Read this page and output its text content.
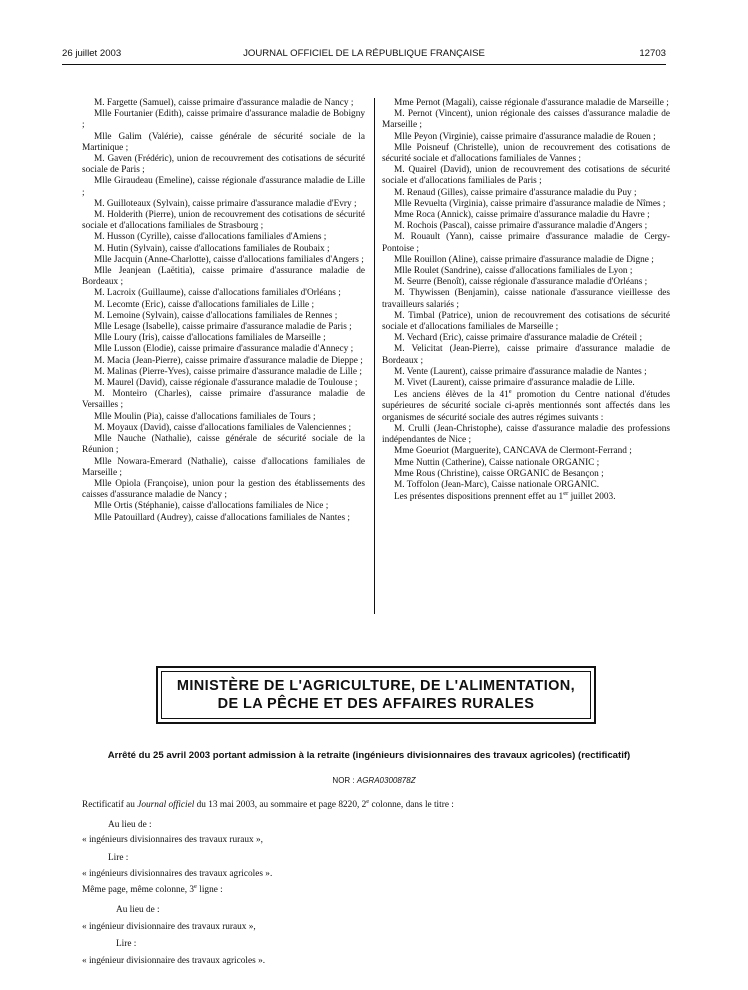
26 juillet 2003	JOURNAL OFFICIEL DE LA RÉPUBLIQUE FRANÇAISE	12703

M. Fargette (Samuel), caisse primaire d'assurance maladie de Nancy ;

Mlle Fourtanier (Edith), caisse primaire d'assurance maladie de Bobigny ;

Mlle Galim (Valérie), caisse générale de sécurité sociale de la Martinique ;

M. Gaven (Frédéric), union de recouvrement des cotisations de sécurité sociale de Paris ;

Mlle Giraudeau (Emeline), caisse régionale d'assurance maladie de Lille ;

M. Guilloteaux (Sylvain), caisse primaire d'assurance maladie d'Evry ;

M. Holderith (Pierre), union de recouvrement des cotisations de sécurité sociale et d'allocations familiales de Strasbourg ;

M. Husson (Cyrille), caisse d'allocations familiales d'Amiens ;

M. Hutin (Sylvain), caisse d'allocations familiales de Roubaix ;

Mlle Jacquin (Anne-Charlotte), caisse d'allocations familiales d'Angers ;

Mlle Jeanjean (Laëtitia), caisse primaire d'assurance maladie de Bordeaux ;

M. Lacroix (Guillaume), caisse d'allocations familiales d'Orléans ;

M. Lecomte (Eric), caisse d'allocations familiales de Lille ;

M. Lemoine (Sylvain), caisse d'allocations familiales de Rennes ;

Mlle Lesage (Isabelle), caisse primaire d'assurance maladie de Paris ;

Mlle Loury (Iris), caisse d'allocations familiales de Marseille ;

Mlle Lusson (Elodie), caisse primaire d'assurance maladie d'Annecy ;

M. Macia (Jean-Pierre), caisse primaire d'assurance maladie de Dieppe ;

M. Malinas (Pierre-Yves), caisse primaire d'assurance maladie de Lille ;

M. Maurel (David), caisse régionale d'assurance maladie de Toulouse ;

M. Monteiro (Charles), caisse primaire d'assurance maladie de Versailles ;

Mlle Moulin (Pia), caisse d'allocations familiales de Tours ;

M. Moyaux (David), caisse d'allocations familiales de Valenciennes ;

Mlle Nauche (Nathalie), caisse générale de sécurité sociale de la Réunion ;

Mlle Nowara-Emerard (Nathalie), caisse d'allocations familiales de Marseille ;

Mlle Opiola (Françoise), union pour la gestion des établissements des caisses d'assurance maladie de Nancy ;

Mlle Ortis (Stéphanie), caisse d'allocations familiales de Nice ;

Mlle Patouillard (Audrey), caisse d'allocations familiales de Nantes ;

Mme Pernot (Magali), caisse régionale d'assurance maladie de Marseille ;

M. Pernot (Vincent), union régionale des caisses d'assurance maladie de Marseille ;

Mlle Peyon (Virginie), caisse primaire d'assurance maladie de Rouen ;

Mlle Poisneuf (Christelle), union de recouvrement des cotisations de sécurité sociale et d'allocations familiales de Vannes ;

M. Quairel (David), union de recouvrement des cotisations de sécurité sociale et d'allocations familiales de Paris ;

M. Renaud (Gilles), caisse primaire d'assurance maladie du Puy ;

Mlle Revuelta (Virginia), caisse primaire d'assurance maladie de Nîmes ;

Mme Roca (Annick), caisse primaire d'assurance maladie du Havre ;

M. Rochois (Pascal), caisse primaire d'assurance maladie d'Angers ;

M. Rouault (Yann), caisse primaire d'assurance maladie de Cergy-Pontoise ;

Mlle Rouillon (Aline), caisse primaire d'assurance maladie de Digne ;

Mlle Roulet (Sandrine), caisse d'allocations familiales de Lyon ;

M. Seurre (Benoît), caisse régionale d'assurance maladie d'Orléans ;

M. Thywissen (Benjamin), caisse nationale d'assurance vieillesse des travailleurs salariés ;

M. Timbal (Patrice), union de recouvrement des cotisations de sécurité sociale et d'allocations familiales de Marseille ;

M. Vechard (Eric), caisse primaire d'assurance maladie de Créteil ;

M. Velicitat (Jean-Pierre), caisse primaire d'assurance maladie de Bordeaux ;

M. Vente (Laurent), caisse primaire d'assurance maladie de Nantes ;

M. Vivet (Laurent), caisse primaire d'assurance maladie de Lille.

Les anciens élèves de la 41e promotion du Centre national d'études supérieures de sécurité sociale ci-après mentionnés sont affectés dans les organismes de sécurité sociale des autres régimes suivants :

M. Crulli (Jean-Christophe), caisse d'assurance maladie des professions indépendantes de Nice ;

Mme Goeuriot (Marguerite), CANCAVA de Clermont-Ferrand ;

Mme Nuttin (Catherine), Caisse nationale ORGANIC ;

Mme Rous (Christine), caisse ORGANIC de Besançon ;

M. Toffolon (Jean-Marc), Caisse nationale ORGANIC.

Les présentes dispositions prennent effet au 1er juillet 2003.

MINISTÈRE DE L'AGRICULTURE, DE L'ALIMENTATION,
DE LA PÊCHE ET DES AFFAIRES RURALES
Arrêté du 25 avril 2003 portant admission à la retraite (ingénieurs divisionnaires des travaux agricoles) (rectificatif)
NOR : AGRA0300878Z
Rectificatif au Journal officiel du 13 mai 2003, au sommaire et page 8220, 2e colonne, dans le titre :
Au lieu de :
« ingénieurs divisionnaires des travaux ruraux »,
Lire :
« ingénieurs divisionnaires des travaux agricoles ».
Même page, même colonne, 3e ligne :
Au lieu de :
« ingénieur divisionnaire des travaux ruraux »,
Lire :
« ingénieur divisionnaire des travaux agricoles ».
